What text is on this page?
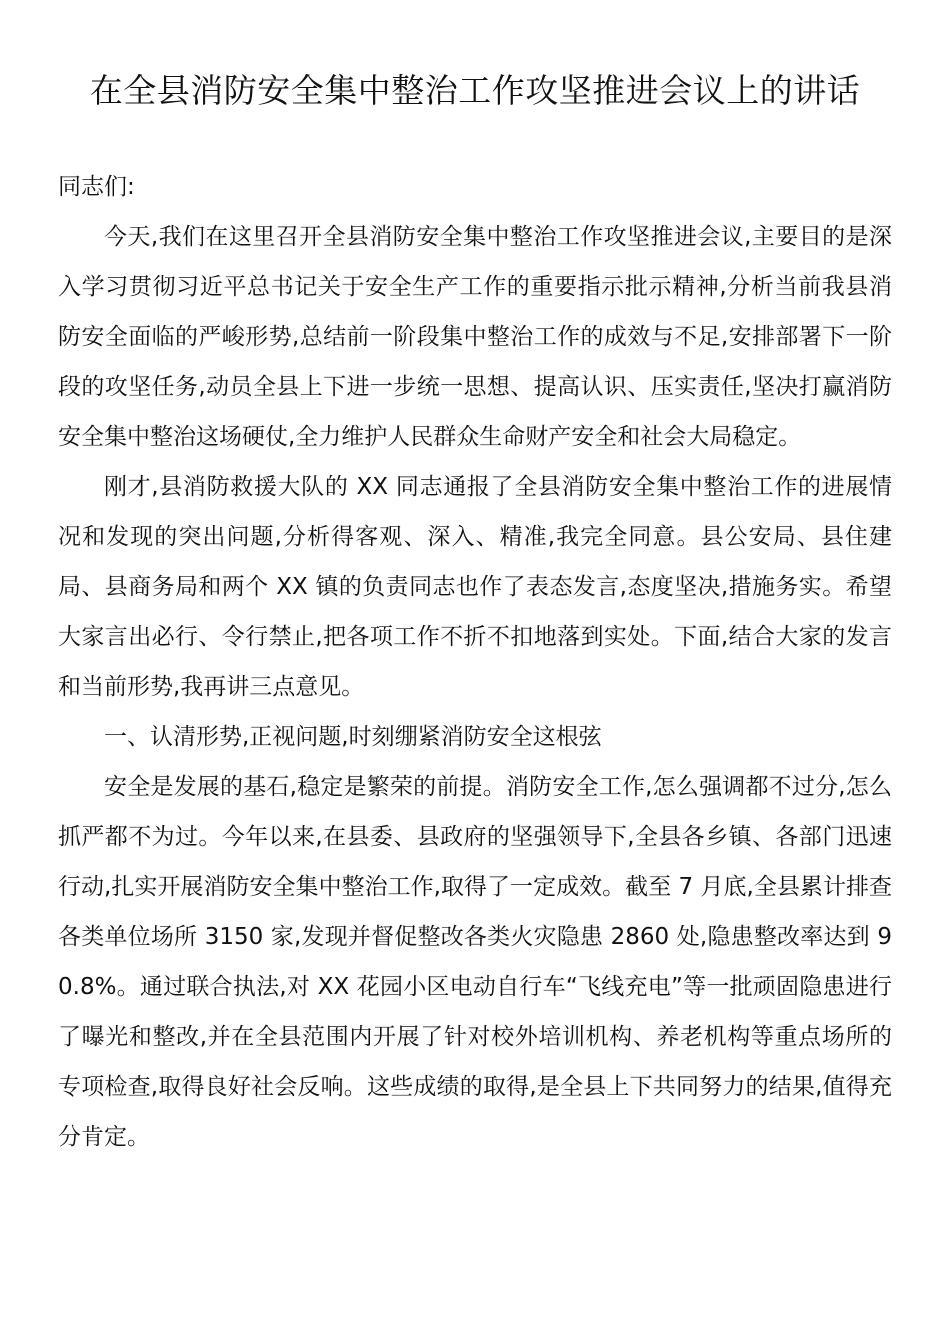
在全县消防安全集中整治工作攻坚推进会议上的讲话

同志们:

今天,我们在这里召开全县消防安全集中整治工作攻坚推进会议,主要目的是深入学习贯彻习近平总书记关于安全生产工作的重要指示批示精神,分析当前我县消防安全面临的严峻形势,总结前一阶段集中整治工作的成效与不足,安排部署下一阶段的攻坚任务,动员全县上下进一步统一思想、提高认识、压实责任,坚决打赢消防安全集中整治这场硬仗,全力维护人民群众生命财产安全和社会大局稳定。

刚才,县消防救援大队的 XX 同志通报了全县消防安全集中整治工作的进展情况和发现的突出问题,分析得客观、深入、精准,我完全同意。县公安局、县住建局、县商务局和两个 XX 镇的负责同志也作了表态发言,态度坚决,措施务实。希望大家言出必行、令行禁止,把各项工作不折不扣地落到实处。下面,结合大家的发言和当前形势,我再讲三点意见。

一、认清形势,正视问题,时刻绷紧消防安全这根弦

安全是发展的基石,稳定是繁荣的前提。消防安全工作,怎么强调都不过分,怎么抓严都不为过。今年以来,在县委、县政府的坚强领导下,全县各乡镇、各部门迅速行动,扎实开展消防安全集中整治工作,取得了一定成效。截至 7 月底,全县累计排查各类单位场所 3150 家,发现并督促整改各类火灾隐患 2860 处,隐患整改率达到 90.8%。通过联合执法,对 XX 花园小区电动自行车“飞线充电”等一批顽固隐患进行了曝光和整改,并在全县范围内开展了针对校外培训机构、养老机构等重点场所的专项检查,取得良好社会反响。这些成绩的取得,是全县上下共同努力的结果,值得充分肯定。
